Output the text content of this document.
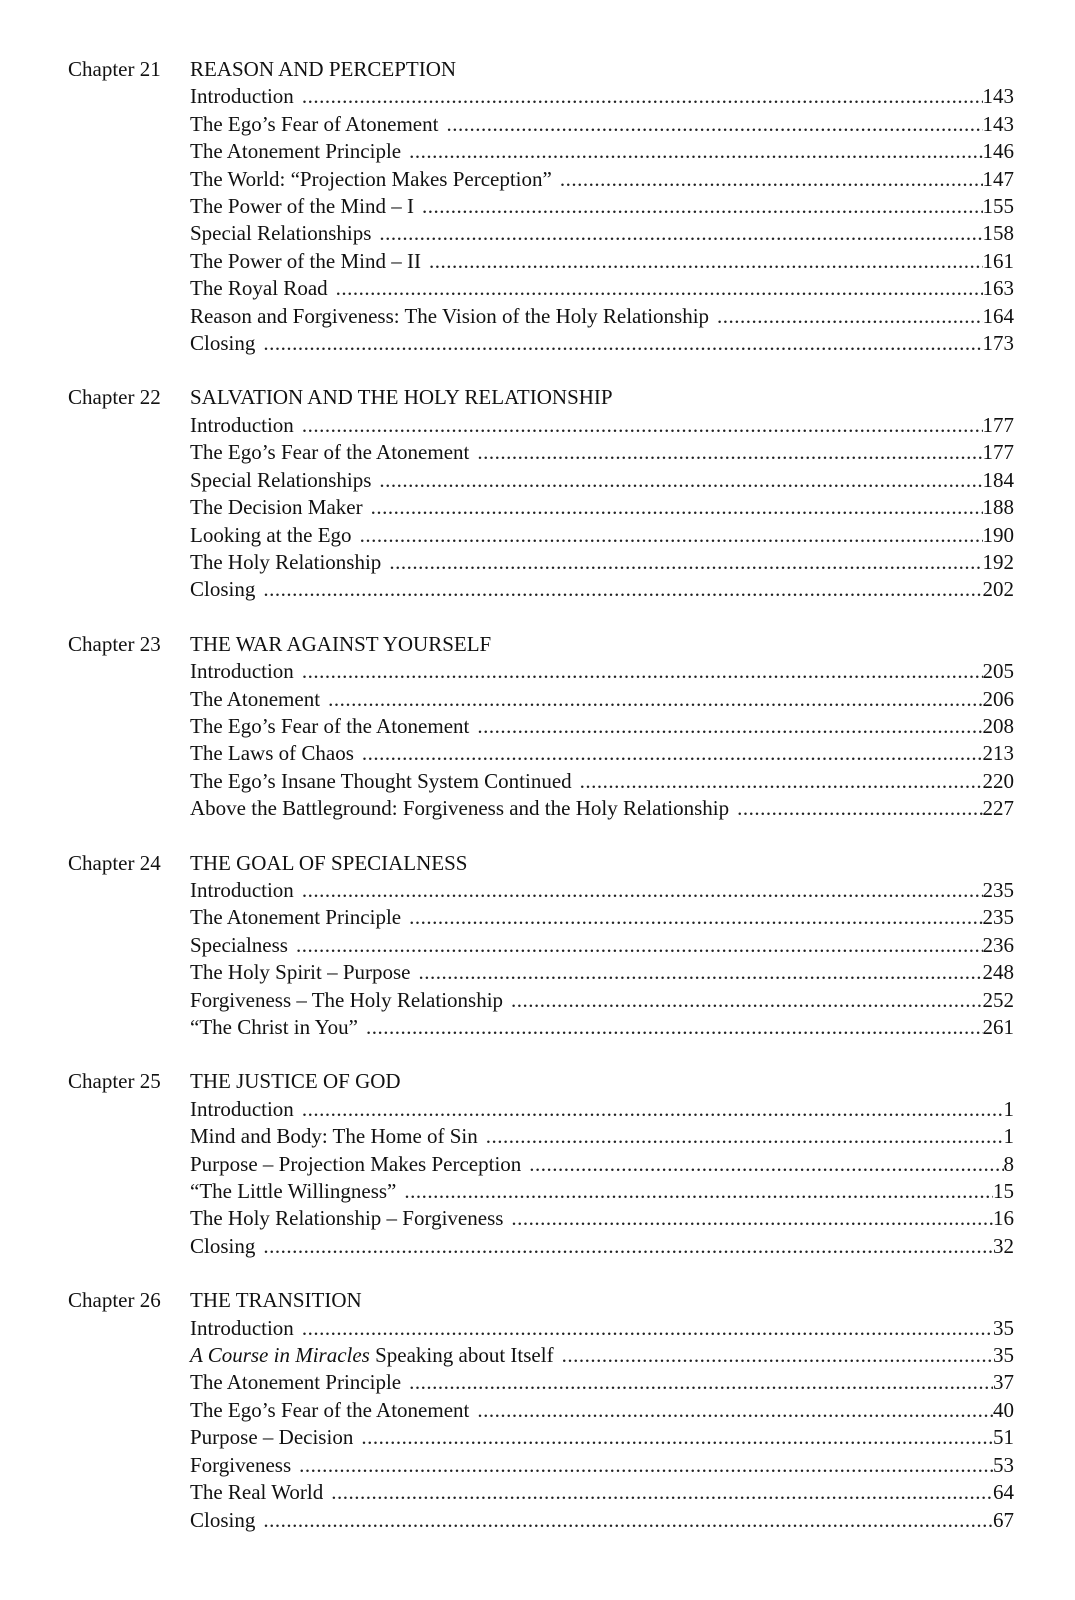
Chapter 21	REASON AND PERCEPTION
Introduction .....	143
The Ego’s Fear of Atonement .....	143
The Atonement Principle .....	146
The World: “Projection Makes Perception” .....	147
The Power of the Mind – I .....	155
Special Relationships .....	158
The Power of the Mind – II .....	161
The Royal Road .....	163
Reason and Forgiveness: The Vision of the Holy Relationship .....	164
Closing .....	173
Chapter 22	SALVATION AND THE HOLY RELATIONSHIP
Introduction .....	177
The Ego’s Fear of the Atonement .....	177
Special Relationships .....	184
The Decision Maker .....	188
Looking at the Ego .....	190
The Holy Relationship .....	192
Closing .....	202
Chapter 23	THE WAR AGAINST YOURSELF
Introduction .....	205
The Atonement .....	206
The Ego’s Fear of the Atonement .....	208
The Laws of Chaos .....	213
The Ego’s Insane Thought System Continued .....	220
Above the Battleground: Forgiveness and the Holy Relationship .....	227
Chapter 24	THE GOAL OF SPECIALNESS
Introduction .....	235
The Atonement Principle .....	235
Specialness .....	236
The Holy Spirit – Purpose .....	248
Forgiveness – The Holy Relationship .....	252
“The Christ in You” .....	261
Chapter 25	THE JUSTICE OF GOD
Introduction .....	1
Mind and Body: The Home of Sin .....	1
Purpose – Projection Makes Perception .....	8
“The Little Willingness” .....	15
The Holy Relationship – Forgiveness .....	16
Closing .....	32
Chapter 26	THE TRANSITION
Introduction .....	35
A Course in Miracles Speaking about Itself .....	35
The Atonement Principle .....	37
The Ego’s Fear of the Atonement .....	40
Purpose – Decision .....	51
Forgiveness .....	53
The Real World .....	64
Closing .....	67
